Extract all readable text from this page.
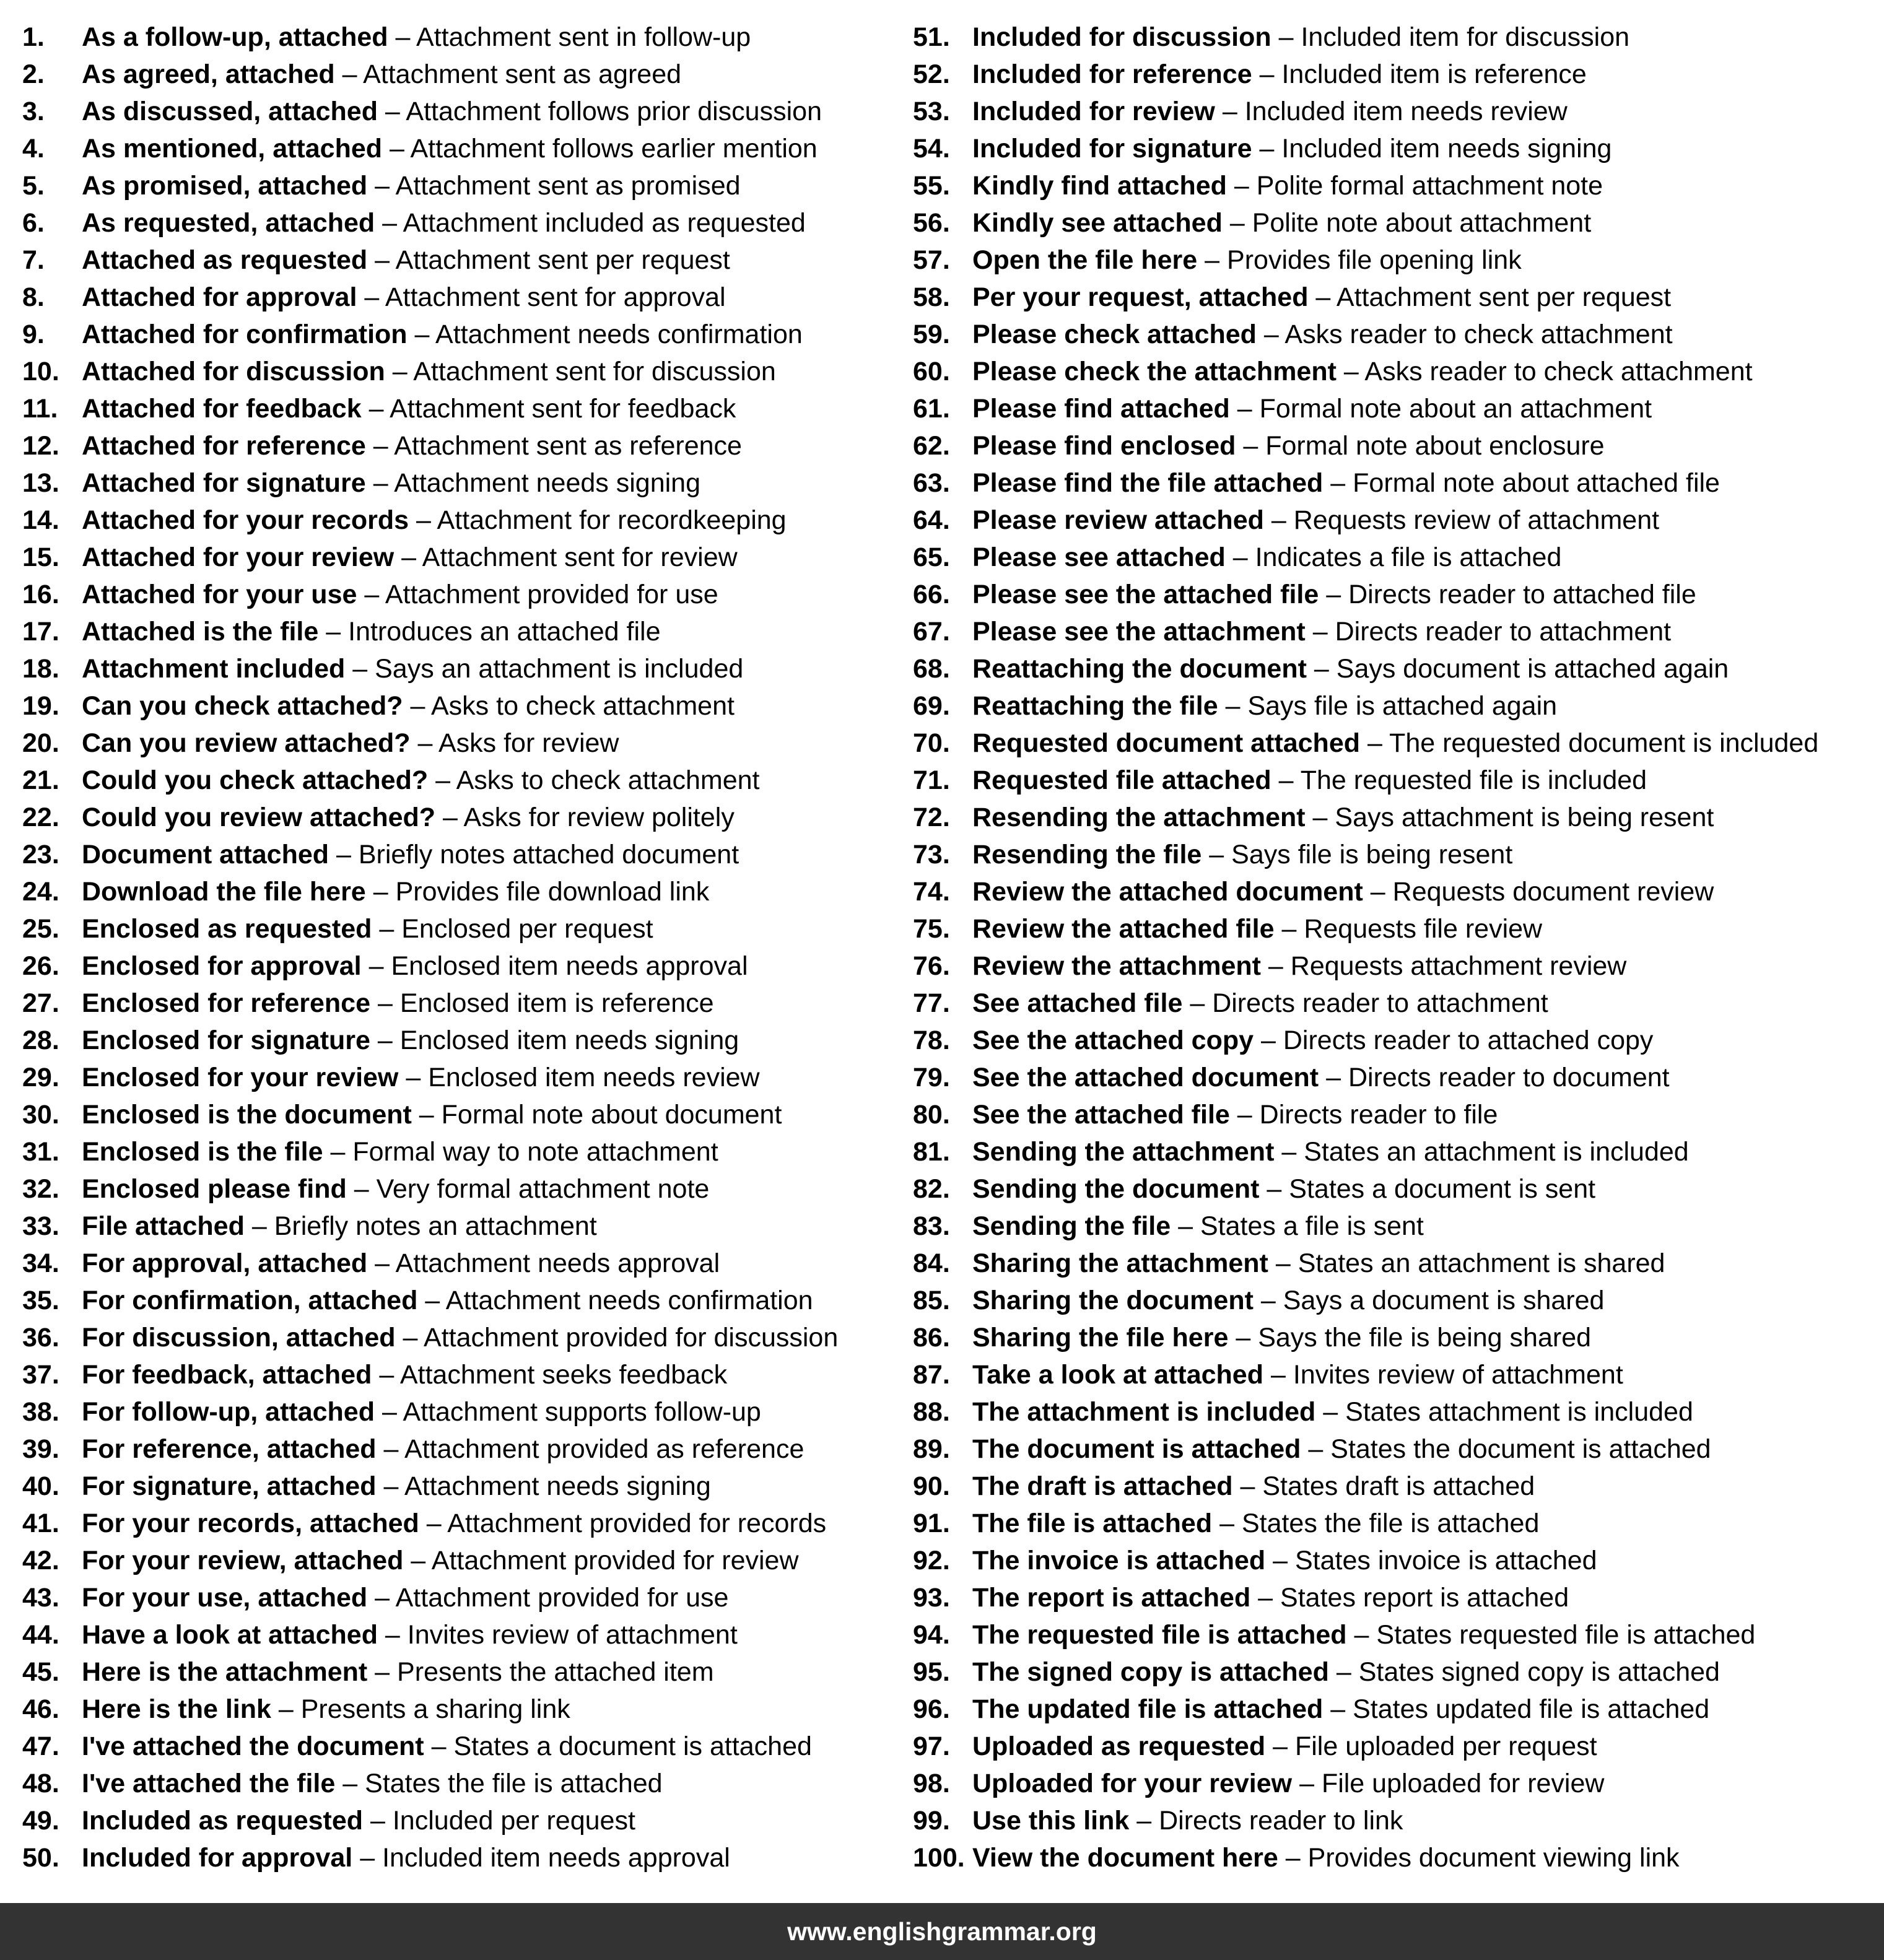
1. As a follow-up, attached – Attachment sent in follow-up
2. As agreed, attached – Attachment sent as agreed
3. As discussed, attached – Attachment follows prior discussion
4. As mentioned, attached – Attachment follows earlier mention
5. As promised, attached – Attachment sent as promised
6. As requested, attached – Attachment included as requested
7. Attached as requested – Attachment sent per request
8. Attached for approval – Attachment sent for approval
9. Attached for confirmation – Attachment needs confirmation
10. Attached for discussion – Attachment sent for discussion
11. Attached for feedback – Attachment sent for feedback
12. Attached for reference – Attachment sent as reference
13. Attached for signature – Attachment needs signing
14. Attached for your records – Attachment for recordkeeping
15. Attached for your review – Attachment sent for review
16. Attached for your use – Attachment provided for use
17. Attached is the file – Introduces an attached file
18. Attachment included – Says an attachment is included
19. Can you check attached? – Asks to check attachment
20. Can you review attached? – Asks for review
21. Could you check attached? – Asks to check attachment
22. Could you review attached? – Asks for review politely
23. Document attached – Briefly notes attached document
24. Download the file here – Provides file download link
25. Enclosed as requested – Enclosed per request
26. Enclosed for approval – Enclosed item needs approval
27. Enclosed for reference – Enclosed item is reference
28. Enclosed for signature – Enclosed item needs signing
29. Enclosed for your review – Enclosed item needs review
30. Enclosed is the document – Formal note about document
31. Enclosed is the file – Formal way to note attachment
32. Enclosed please find – Very formal attachment note
33. File attached – Briefly notes an attachment
34. For approval, attached – Attachment needs approval
35. For confirmation, attached – Attachment needs confirmation
36. For discussion, attached – Attachment provided for discussion
37. For feedback, attached – Attachment seeks feedback
38. For follow-up, attached – Attachment supports follow-up
39. For reference, attached – Attachment provided as reference
40. For signature, attached – Attachment needs signing
41. For your records, attached – Attachment provided for records
42. For your review, attached – Attachment provided for review
43. For your use, attached – Attachment provided for use
44. Have a look at attached – Invites review of attachment
45. Here is the attachment – Presents the attached item
46. Here is the link – Presents a sharing link
47. I've attached the document – States a document is attached
48. I've attached the file – States the file is attached
49. Included as requested – Included per request
50. Included for approval – Included item needs approval
51. Included for discussion – Included item for discussion
52. Included for reference – Included item is reference
53. Included for review – Included item needs review
54. Included for signature – Included item needs signing
55. Kindly find attached – Polite formal attachment note
56. Kindly see attached – Polite note about attachment
57. Open the file here – Provides file opening link
58. Per your request, attached – Attachment sent per request
59. Please check attached – Asks reader to check attachment
60. Please check the attachment – Asks reader to check attachment
61. Please find attached – Formal note about an attachment
62. Please find enclosed – Formal note about enclosure
63. Please find the file attached – Formal note about attached file
64. Please review attached – Requests review of attachment
65. Please see attached – Indicates a file is attached
66. Please see the attached file – Directs reader to attached file
67. Please see the attachment – Directs reader to attachment
68. Reattaching the document – Says document is attached again
69. Reattaching the file – Says file is attached again
70. Requested document attached – The requested document is included
71. Requested file attached – The requested file is included
72. Resending the attachment – Says attachment is being resent
73. Resending the file – Says file is being resent
74. Review the attached document – Requests document review
75. Review the attached file – Requests file review
76. Review the attachment – Requests attachment review
77. See attached file – Directs reader to attachment
78. See the attached copy – Directs reader to attached copy
79. See the attached document – Directs reader to document
80. See the attached file – Directs reader to file
81. Sending the attachment – States an attachment is included
82. Sending the document – States a document is sent
83. Sending the file – States a file is sent
84. Sharing the attachment – States an attachment is shared
85. Sharing the document – Says a document is shared
86. Sharing the file here – Says the file is being shared
87. Take a look at attached – Invites review of attachment
88. The attachment is included – States attachment is included
89. The document is attached – States the document is attached
90. The draft is attached – States draft is attached
91. The file is attached – States the file is attached
92. The invoice is attached – States invoice is attached
93. The report is attached – States report is attached
94. The requested file is attached – States requested file is attached
95. The signed copy is attached – States signed copy is attached
96. The updated file is attached – States updated file is attached
97. Uploaded as requested – File uploaded per request
98. Uploaded for your review – File uploaded for review
99. Use this link – Directs reader to link
100. View the document here – Provides document viewing link
www.englishgrammar.org
